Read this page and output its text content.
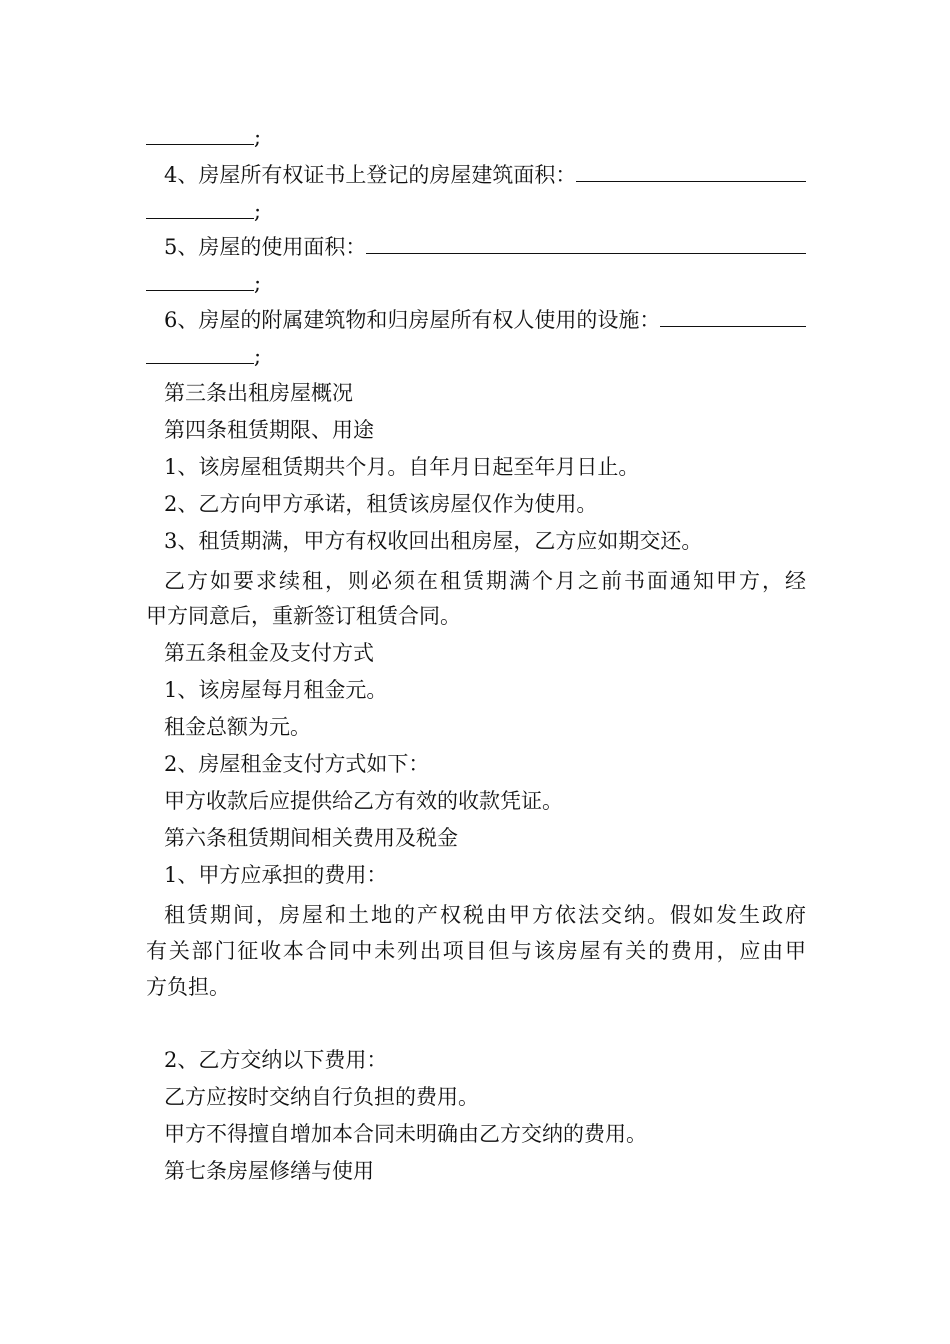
;
4、房屋所有权证书上登记的房屋建筑面积：
;
5、房屋的使用面积：
;
6、房屋的附属建筑物和归房屋所有权人使用的设施：
;
第三条出租房屋概况
第四条租赁期限、用途
1、该房屋租赁期共个月。自年月日起至年月日止。
2、乙方向甲方承诺，租赁该房屋仅作为使用。
3、租赁期满，甲方有权收回出租房屋，乙方应如期交还。
乙方如要求续租，则必须在租赁期满个月之前书面通知甲方，经
甲方同意后，重新签订租赁合同。
第五条租金及支付方式
1、该房屋每月租金元。
租金总额为元。
2、房屋租金支付方式如下：
甲方收款后应提供给乙方有效的收款凭证。
第六条租赁期间相关费用及税金
1、甲方应承担的费用：
租赁期间，房屋和土地的产权税由甲方依法交纳。假如发生政府
有关部门征收本合同中未列出项目但与该房屋有关的费用，应由甲
方负担。
2、乙方交纳以下费用：
乙方应按时交纳自行负担的费用。
甲方不得擅自增加本合同未明确由乙方交纳的费用。
第七条房屋修缮与使用
